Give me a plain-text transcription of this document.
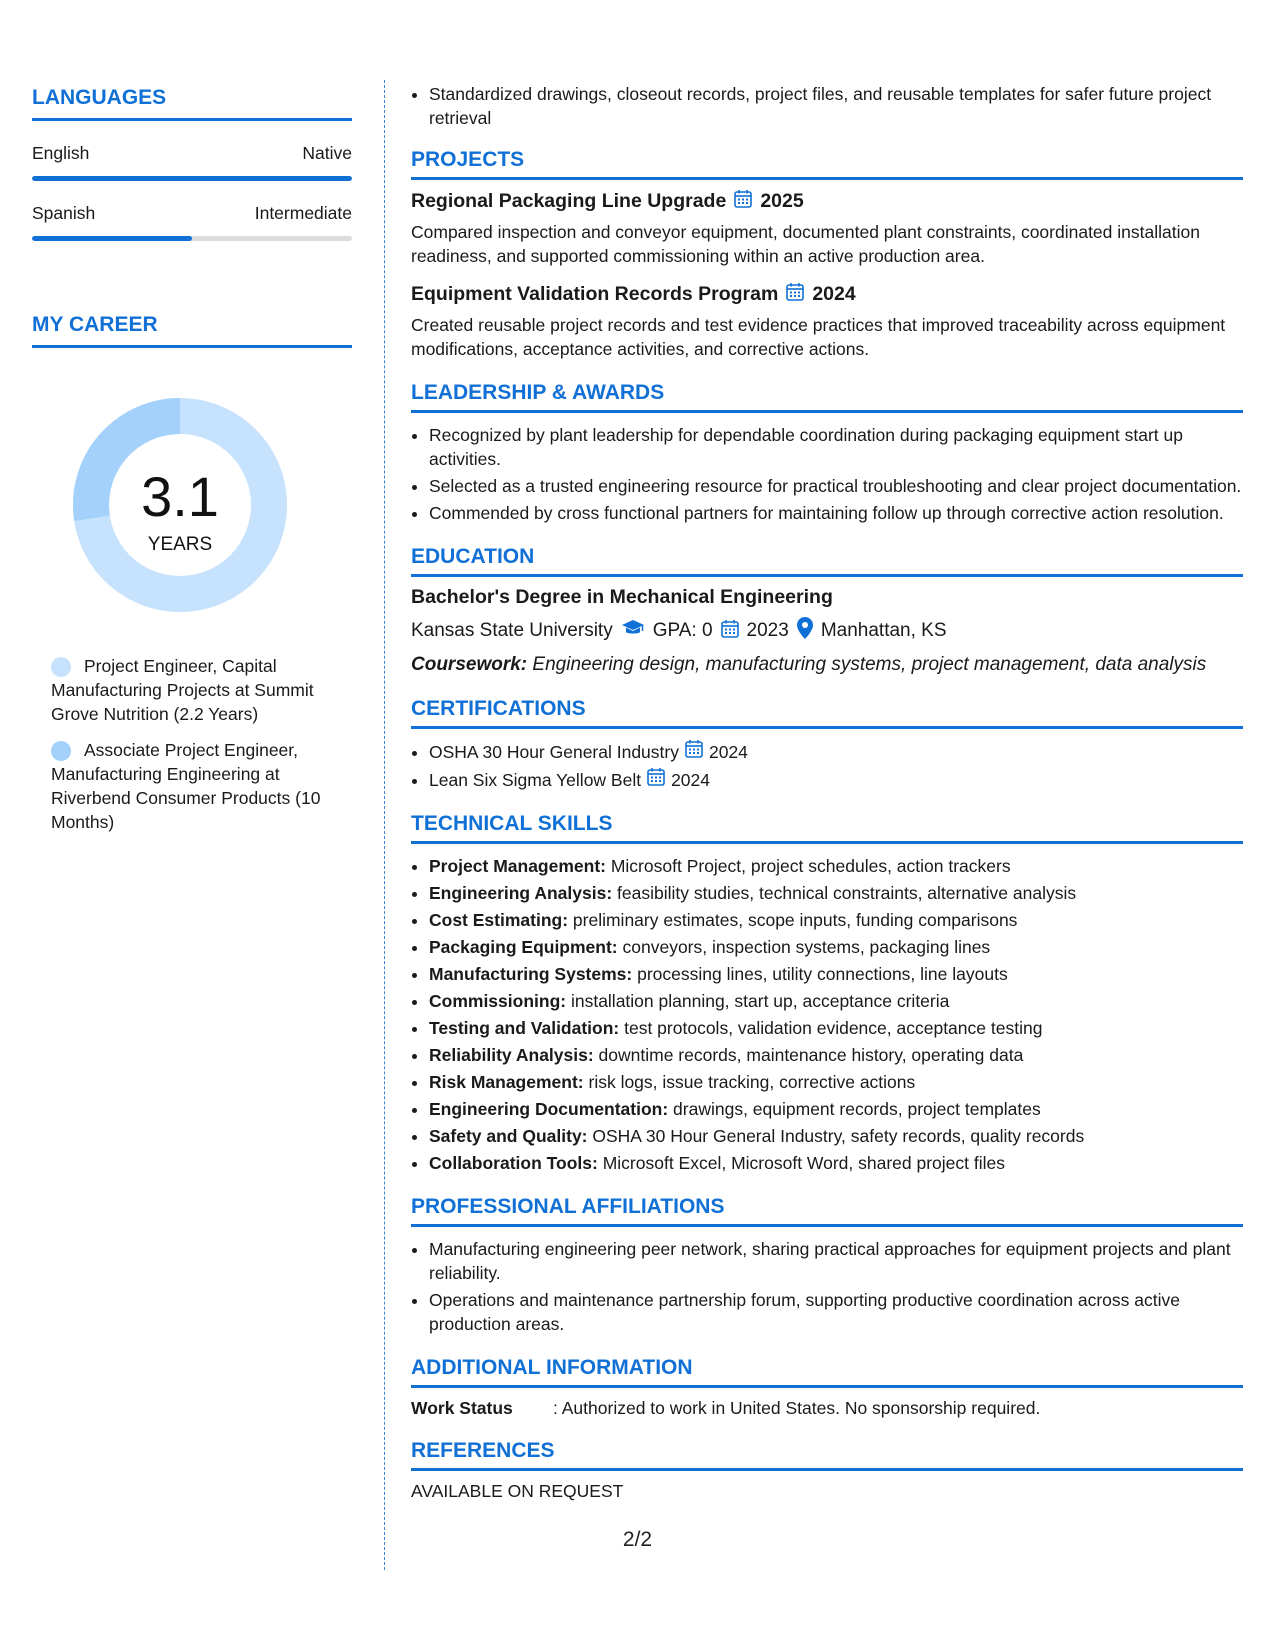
LANGUAGES
English	Native
Spanish	Intermediate
MY CAREER
3.1
YEARS
Project Engineer, Capital Manufacturing Projects at Summit Grove Nutrition (2.2 Years)
Associate Project Engineer, Manufacturing Engineering at Riverbend Consumer Products (10 Months)
• Standardized drawings, closeout records, project files, and reusable templates for safer future project retrieval
PROJECTS
Regional Packaging Line Upgrade 2025
Compared inspection and conveyor equipment, documented plant constraints, coordinated installation readiness, and supported commissioning within an active production area.
Equipment Validation Records Program 2024
Created reusable project records and test evidence practices that improved traceability across equipment modifications, acceptance activities, and corrective actions.
LEADERSHIP & AWARDS
• Recognized by plant leadership for dependable coordination during packaging equipment start up activities.
• Selected as a trusted engineering resource for practical troubleshooting and clear project documentation.
• Commended by cross functional partners for maintaining follow up through corrective action resolution.
EDUCATION
Bachelor's Degree in Mechanical Engineering
Kansas State University GPA: 0 2023 Manhattan, KS
Coursework: Engineering design, manufacturing systems, project management, data analysis
CERTIFICATIONS
• OSHA 30 Hour General Industry 2024
• Lean Six Sigma Yellow Belt 2024
TECHNICAL SKILLS
• Project Management: Microsoft Project, project schedules, action trackers
• Engineering Analysis: feasibility studies, technical constraints, alternative analysis
• Cost Estimating: preliminary estimates, scope inputs, funding comparisons
• Packaging Equipment: conveyors, inspection systems, packaging lines
• Manufacturing Systems: processing lines, utility connections, line layouts
• Commissioning: installation planning, start up, acceptance criteria
• Testing and Validation: test protocols, validation evidence, acceptance testing
• Reliability Analysis: downtime records, maintenance history, operating data
• Risk Management: risk logs, issue tracking, corrective actions
• Engineering Documentation: drawings, equipment records, project templates
• Safety and Quality: OSHA 30 Hour General Industry, safety records, quality records
• Collaboration Tools: Microsoft Excel, Microsoft Word, shared project files
PROFESSIONAL AFFILIATIONS
• Manufacturing engineering peer network, sharing practical approaches for equipment projects and plant reliability.
• Operations and maintenance partnership forum, supporting productive coordination across active production areas.
ADDITIONAL INFORMATION
Work Status	: Authorized to work in United States. No sponsorship required.
REFERENCES
AVAILABLE ON REQUEST
2/2
